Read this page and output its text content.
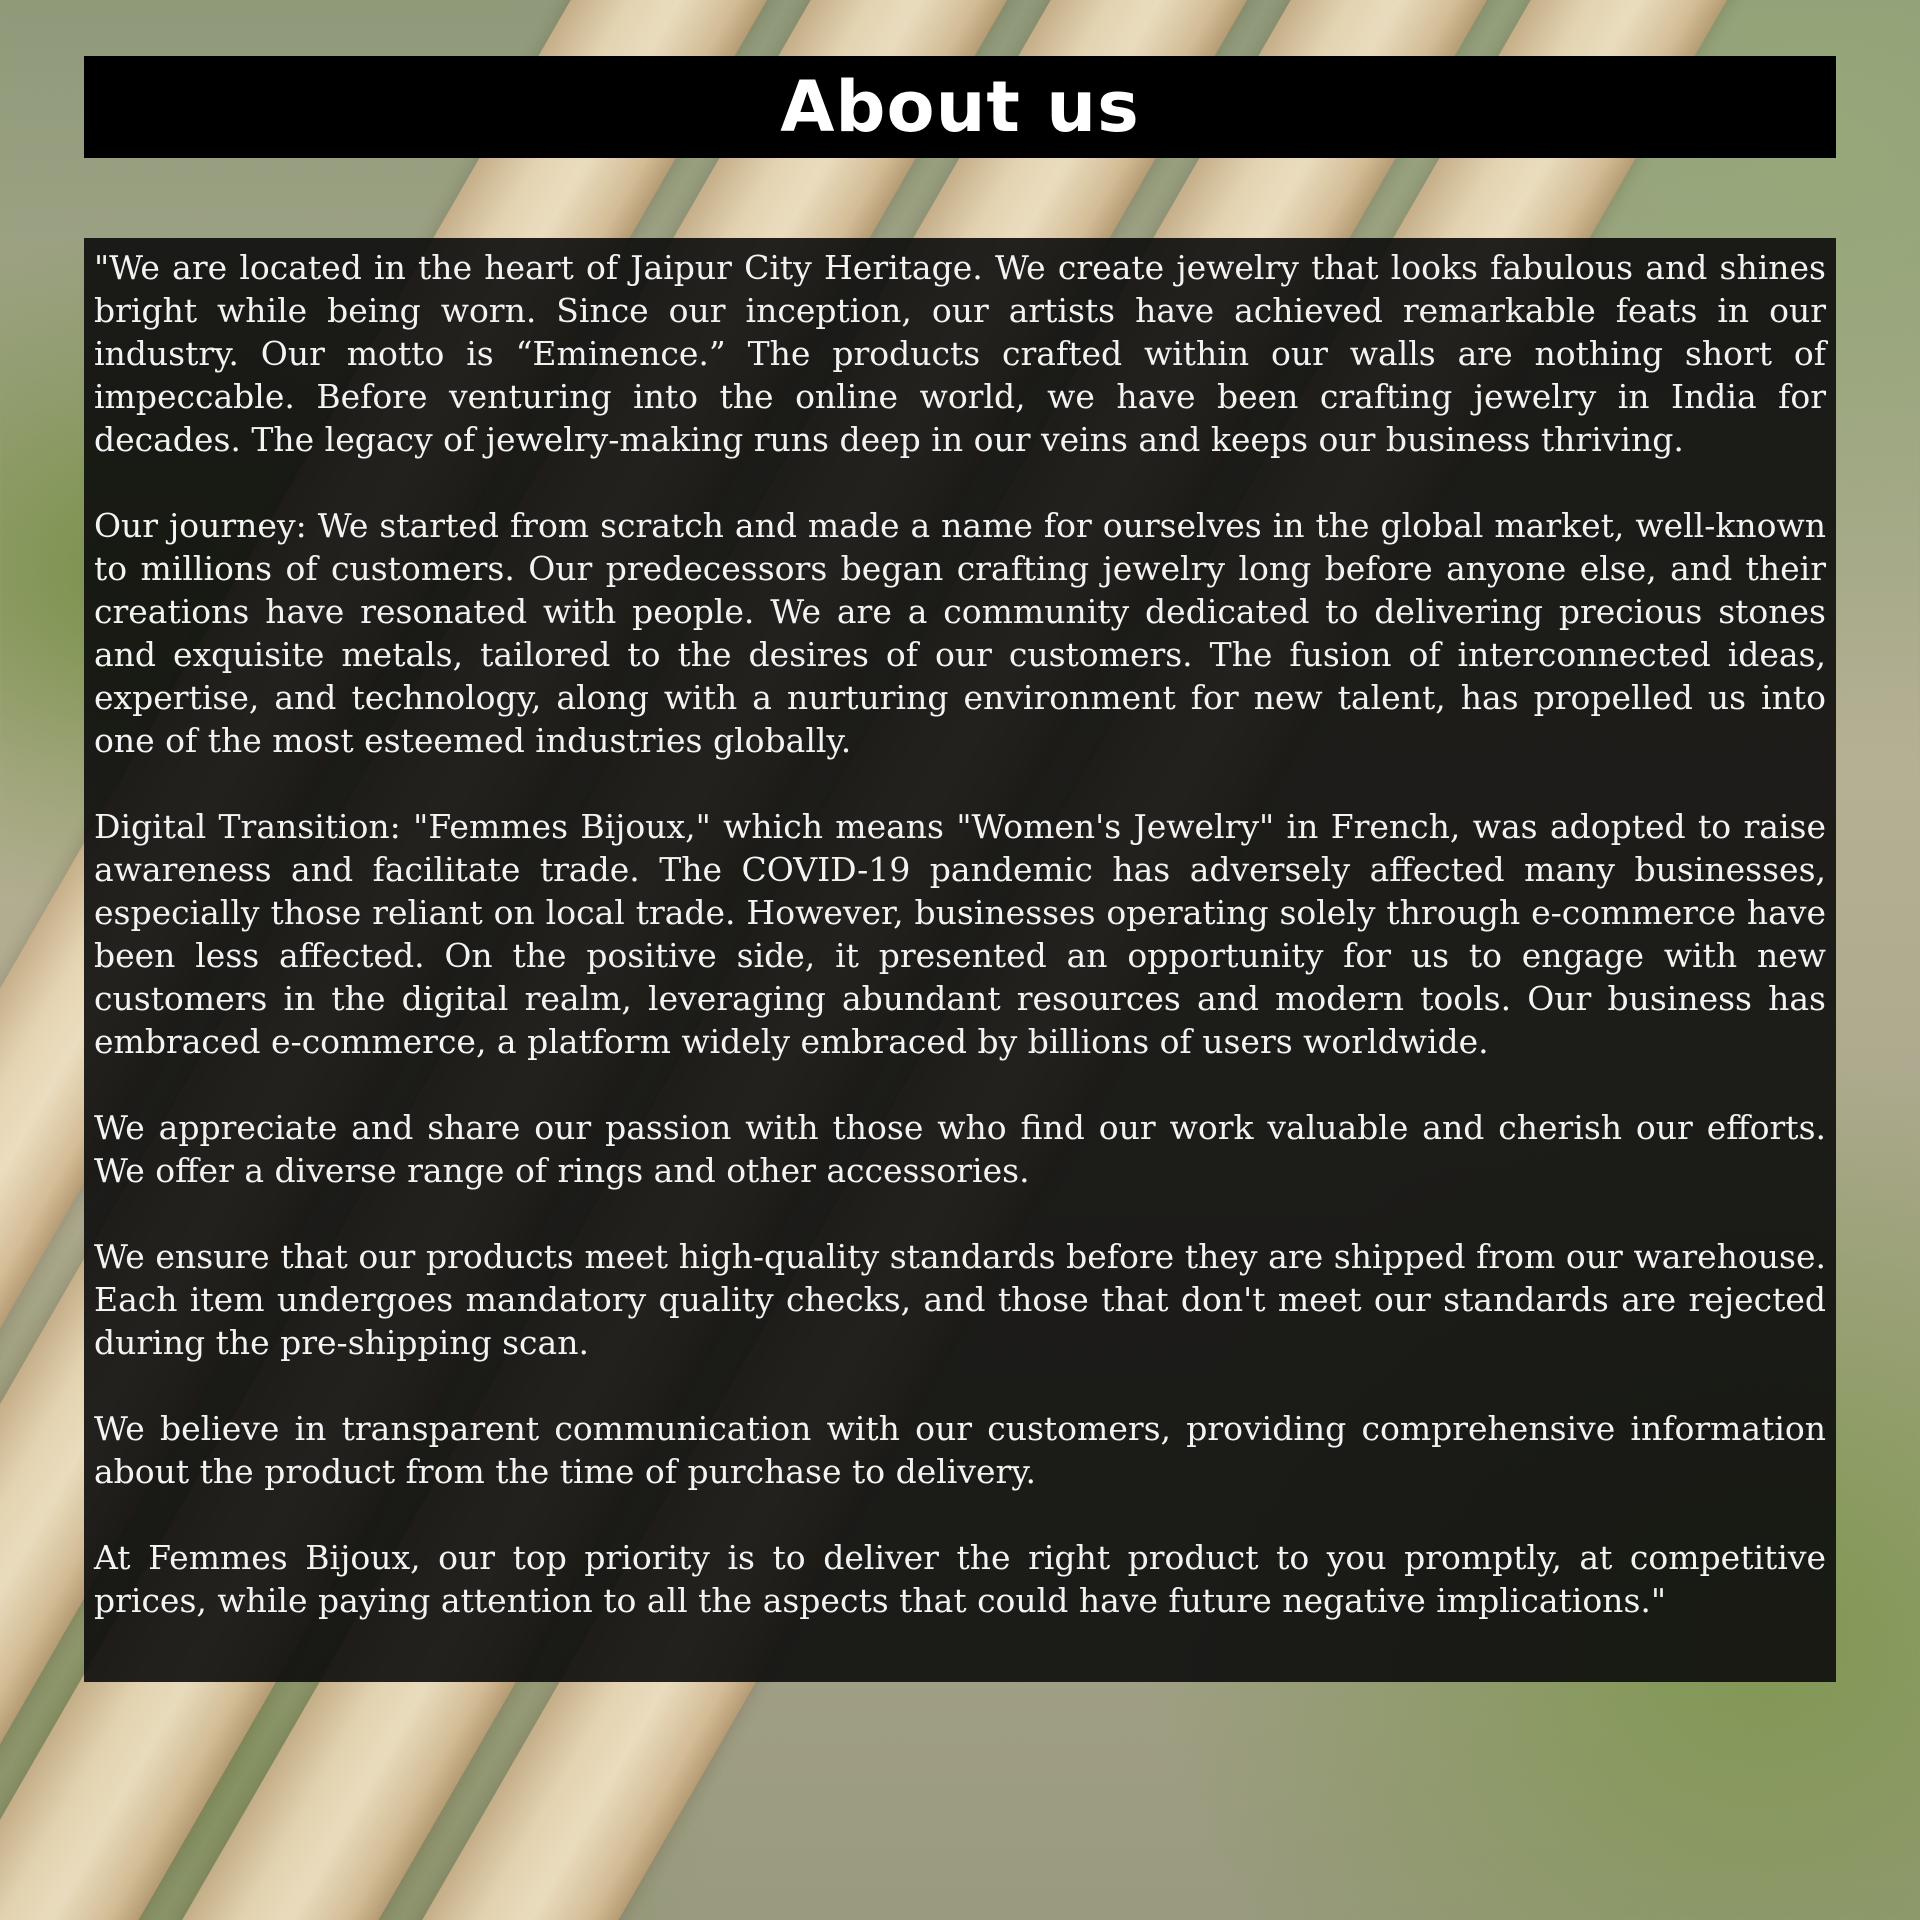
About us

"We are located in the heart of Jaipur City Heritage. We create jewelry that looks fabulous and shines bright while being worn. Since our inception, our artists have achieved remarkable feats in our industry. Our motto is “Eminence.” The products crafted within our walls are nothing short of impeccable. Before venturing into the online world, we have been crafting jewelry in India for decades. The legacy of jewelry-making runs deep in our veins and keeps our business thriving.

Our journey: We started from scratch and made a name for ourselves in the global market, well-known to millions of customers. Our predecessors began crafting jewelry long before anyone else, and their creations have resonated with people. We are a community dedicated to delivering precious stones and exquisite metals, tailored to the desires of our customers. The fusion of interconnected ideas, expertise, and technology, along with a nurturing environment for new talent, has propelled us into one of the most esteemed industries globally.

Digital Transition: "Femmes Bijoux," which means "Women's Jewelry" in French, was adopted to raise awareness and facilitate trade. The COVID-19 pandemic has adversely affected many businesses, especially those reliant on local trade. However, businesses operating solely through e-commerce have been less affected. On the positive side, it presented an opportunity for us to engage with new customers in the digital realm, leveraging abundant resources and modern tools. Our business has embraced e-commerce, a platform widely embraced by billions of users worldwide.

We appreciate and share our passion with those who find our work valuable and cherish our efforts. We offer a diverse range of rings and other accessories.

We ensure that our products meet high-quality standards before they are shipped from our warehouse. Each item undergoes mandatory quality checks, and those that don't meet our standards are rejected during the pre-shipping scan.

We believe in transparent communication with our customers, providing comprehensive information about the product from the time of purchase to delivery.

At Femmes Bijoux, our top priority is to deliver the right product to you promptly, at competitive prices, while paying attention to all the aspects that could have future negative implications."
